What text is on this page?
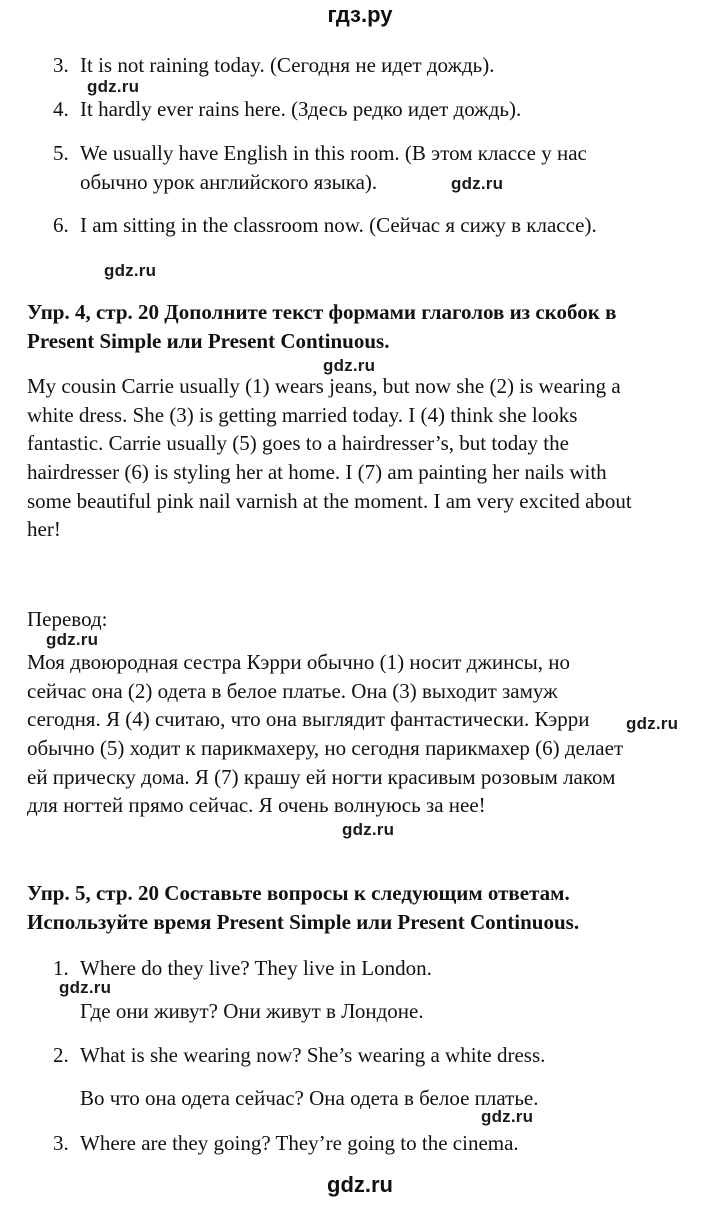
гдз.ру
3. It is not raining today. (Сегодня не идет дождь).
4. It hardly ever rains here. (Здесь редко идет дождь).
5. We usually have English in this room. (В этом классе у нас
обычно урок английского языка).
6. I am sitting in the classroom now. (Сейчас я сижу в классе).
Упр. 4, стр. 20 Дополните текст формами глаголов из скобок в
Present Simple или Present Continuous.
My cousin Carrie usually (1) wears jeans, but now she (2) is wearing a
white dress. She (3) is getting married today. I (4) think she looks
fantastic. Carrie usually (5) goes to a hairdresser’s, but today the
hairdresser (6) is styling her at home. I (7) am painting her nails with
some beautiful pink nail varnish at the moment. I am very excited about
her!
Перевод:
Моя двоюродная сестра Кэрри обычно (1) носит джинсы, но
сейчас она (2) одета в белое платье. Она (3) выходит замуж
сегодня. Я (4) считаю, что она выглядит фантастически. Кэрри
обычно (5) ходит к парикмахеру, но сегодня парикмахер (6) делает
ей прическу дома. Я (7) крашу ей ногти красивым розовым лаком
для ногтей прямо сейчас. Я очень волнуюсь за нее!
Упр. 5, стр. 20 Составьте вопросы к следующим ответам.
Используйте время Present Simple или Present Continuous.
1. Where do they live? They live in London.
Где они живут? Они живут в Лондоне.
2. What is she wearing now? She’s wearing a white dress.
Во что она одета сейчас? Она одета в белое платье.
3. Where are they going? They’re going to the cinema.
gdz.ru
gdz.ru
gdz.ru
gdz.ru
gdz.ru
gdz.ru
gdz.ru
gdz.ru
gdz.ru
gdz.ru
